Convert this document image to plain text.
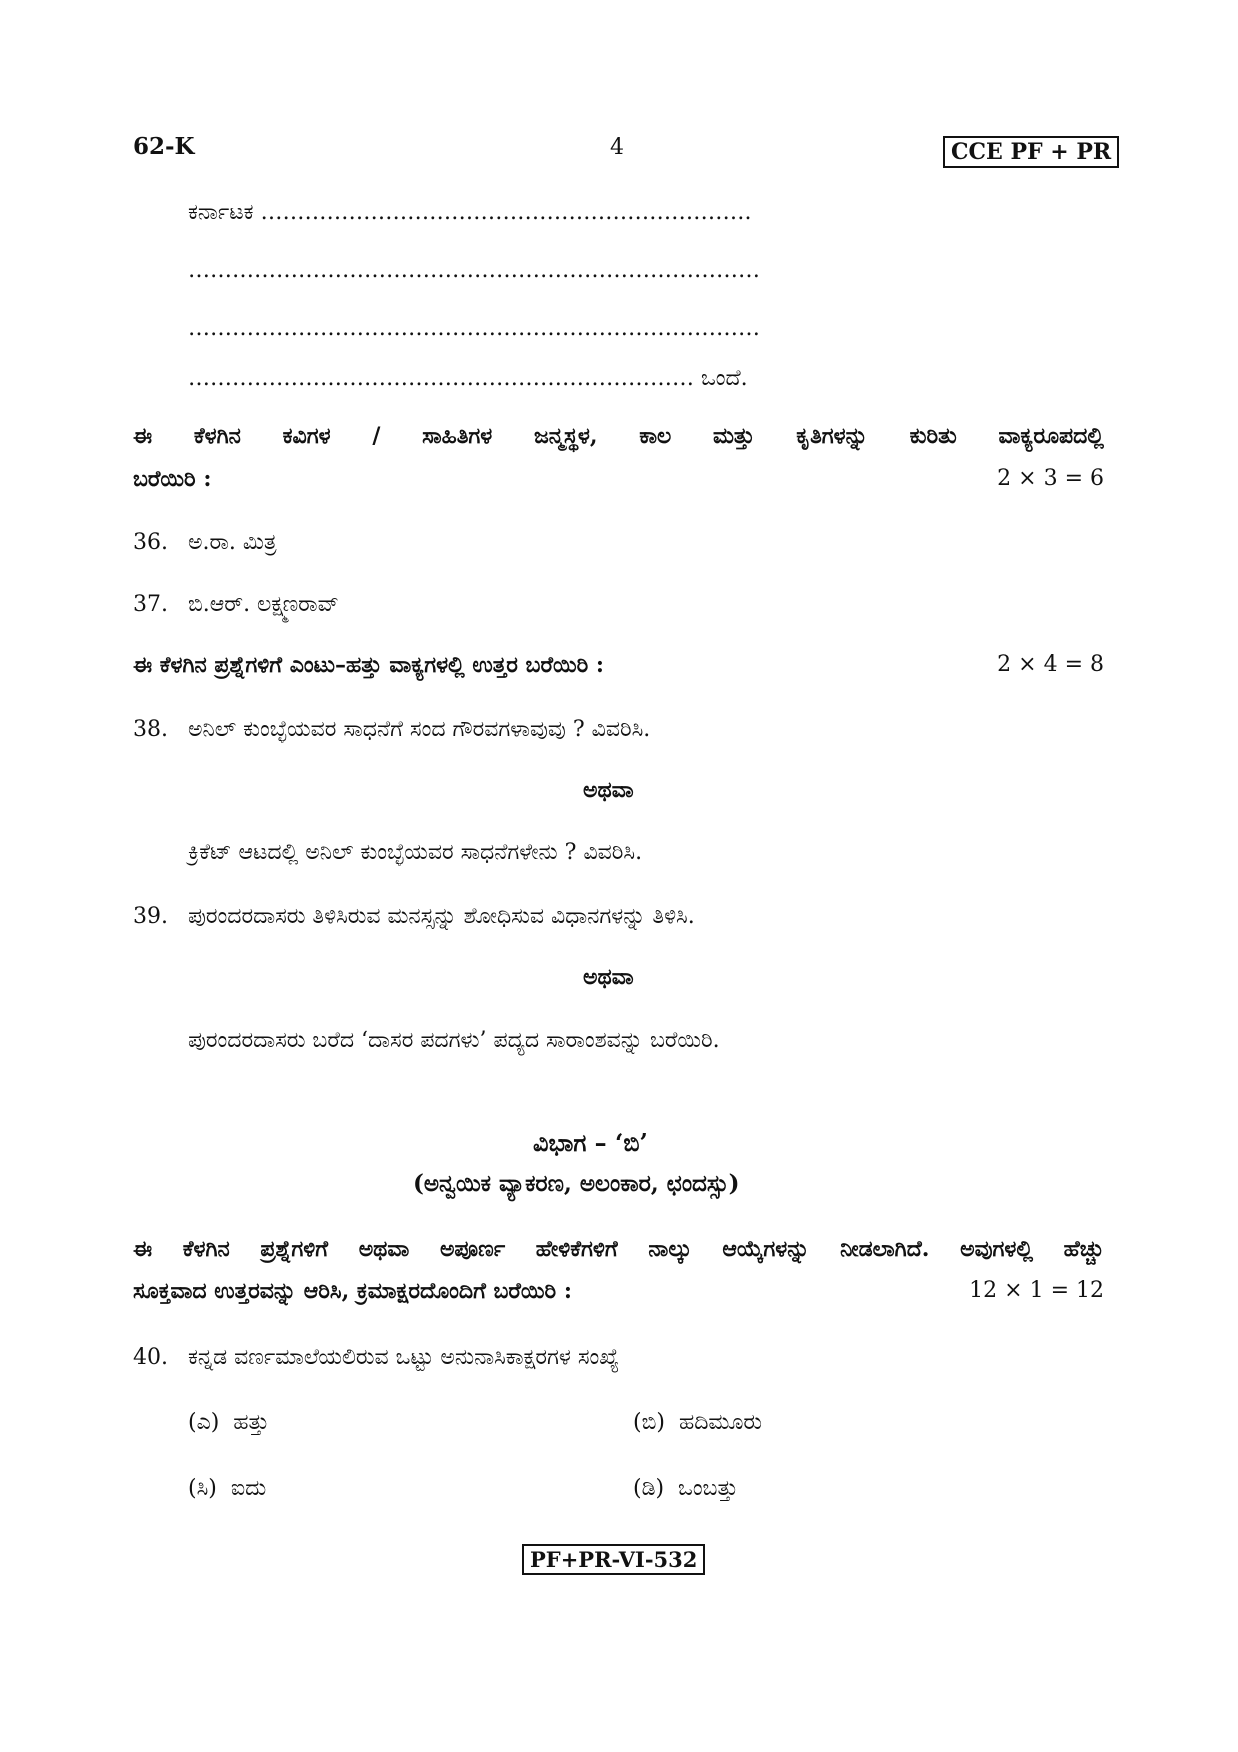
62-K	4	CCE PF + PR
ಕರ್ನಾಟಕ ………………………………………………………….
……………………………………………………………………
……………………………………………………………………
…………………………………………………………… ಒಂದೆ.
ಈ ಕೆಳಗಿನ ಕವಿಗಳ / ಸಾಹಿತಿಗಳ ಜನ್ಮಸ್ಥಳ, ಕಾಲ ಮತ್ತು ಕೃತಿಗಳನ್ನು ಕುರಿತು ವಾಕ್ಯರೂಪದಲ್ಲಿ
ಬರೆಯಿರಿ :	2 × 3 = 6
36. ಅ.ರಾ. ಮಿತ್ರ
37. ಬಿ.ಆರ್. ಲಕ್ಷ್ಮಣರಾವ್
ಈ ಕೆಳಗಿನ ಪ್ರಶ್ನೆಗಳಿಗೆ ಎಂಟು–ಹತ್ತು ವಾಕ್ಯಗಳಲ್ಲಿ ಉತ್ತರ ಬರೆಯಿರಿ :	2 × 4 = 8
38. ಅನಿಲ್ ಕುಂಬ್ಳೆಯವರ ಸಾಧನೆಗೆ ಸಂದ ಗೌರವಗಳಾವುವು ? ವಿವರಿಸಿ.
ಅಥವಾ
ಕ್ರಿಕೆಟ್ ಆಟದಲ್ಲಿ ಅನಿಲ್ ಕುಂಬ್ಳೆಯವರ ಸಾಧನೆಗಳೇನು ? ವಿವರಿಸಿ.
39. ಪುರಂದರದಾಸರು ತಿಳಿಸಿರುವ ಮನಸ್ಸನ್ನು ಶೋಧಿಸುವ ವಿಧಾನಗಳನ್ನು ತಿಳಿಸಿ.
ಅಥವಾ
ಪುರಂದರದಾಸರು ಬರೆದ ‘ದಾಸರ ಪದಗಳು’ ಪದ್ಯದ ಸಾರಾಂಶವನ್ನು ಬರೆಯಿರಿ.
ವಿಭಾಗ – ‘ಬಿ’
(ಅನ್ವಯಿಕ ವ್ಯಾಕರಣ, ಅಲಂಕಾರ, ಛಂದಸ್ಸು)
ಈ ಕೆಳಗಿನ ಪ್ರಶ್ನೆಗಳಿಗೆ ಅಥವಾ ಅಪೂರ್ಣ ಹೇಳಿಕೆಗಳಿಗೆ ನಾಲ್ಕು ಆಯ್ಕೆಗಳನ್ನು ನೀಡಲಾಗಿದೆ. ಅವುಗಳಲ್ಲಿ ಹೆಚ್ಚು
ಸೂಕ್ತವಾದ ಉತ್ತರವನ್ನು ಆರಿಸಿ, ಕ್ರಮಾಕ್ಷರದೊಂದಿಗೆ ಬರೆಯಿರಿ :	12 × 1 = 12
40. ಕನ್ನಡ ವರ್ಣಮಾಲೆಯಲಿರುವ ಒಟ್ಟು ಅನುನಾಸಿಕಾಕ್ಷರಗಳ ಸಂಖ್ಯೆ
(ಎ) ಹತ್ತು	(ಬಿ) ಹದಿಮೂರು
(ಸಿ) ಐದು	(ಡಿ) ಒಂಬತ್ತು
PF+PR-VI-532
